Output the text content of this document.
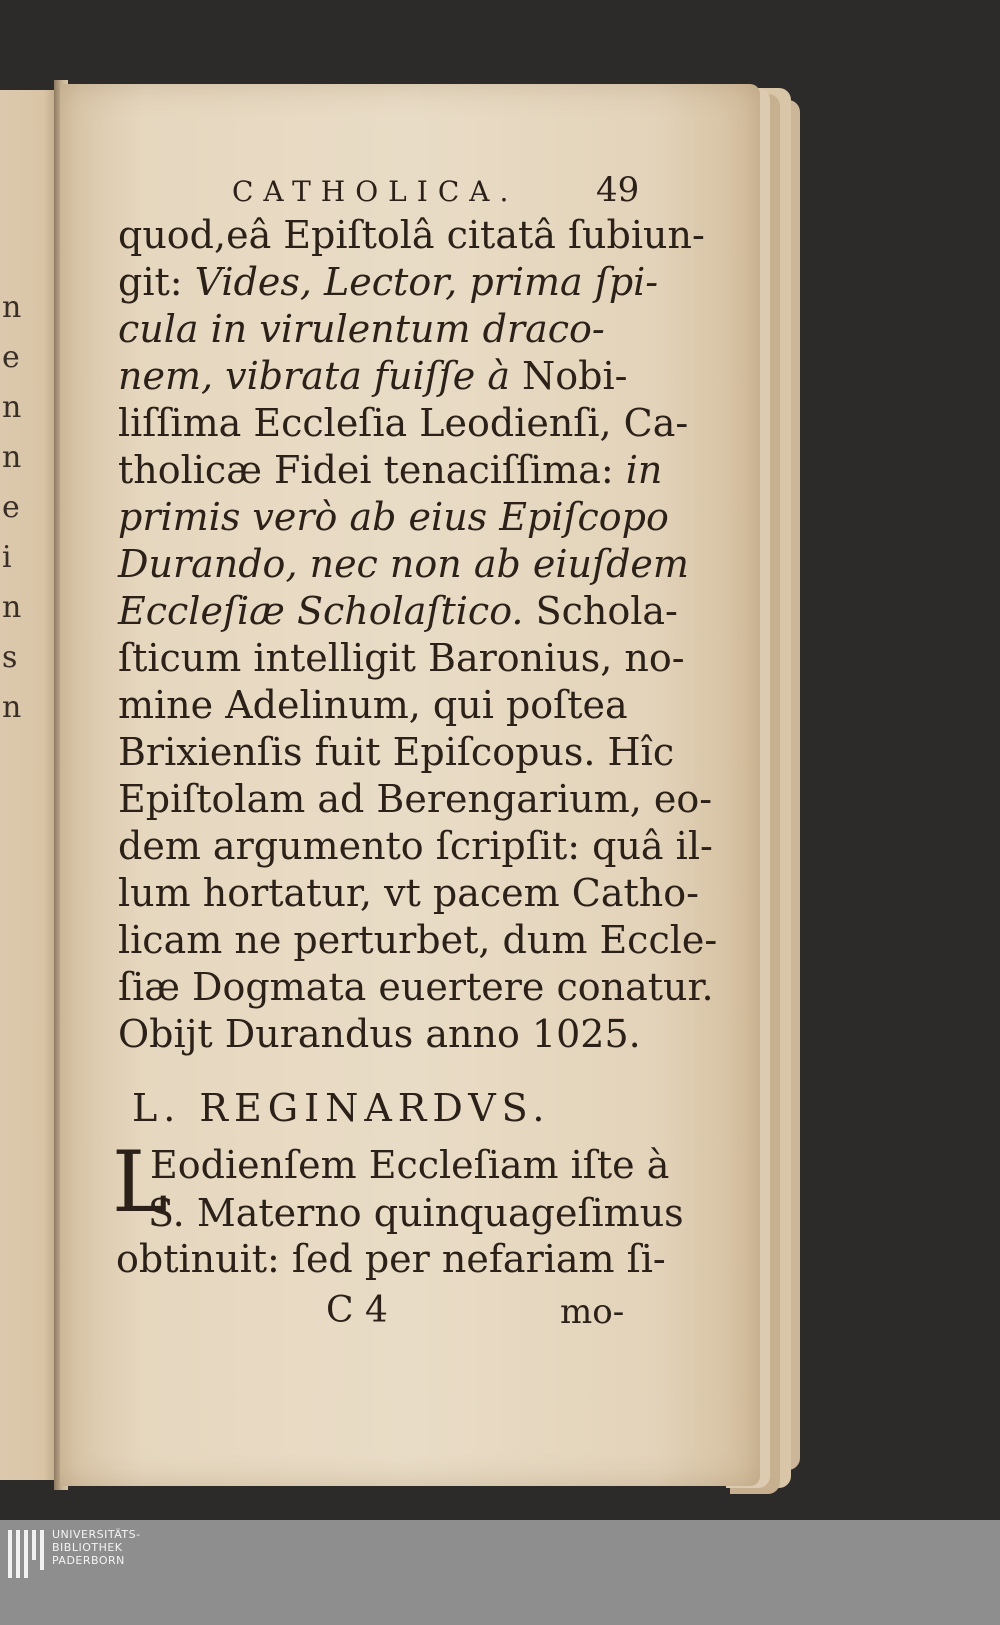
n
e
n
n
e
i
n
s
n
CATHOLICA. 49
quod,eâ Epiſtolâ citatâ ſubiun-
git: Vides, Lector, prima ſpi-
cula in virulentum draco-
nem, vibrata fuiſſe à Nobi-
liſſima Eccleſia Leodienſi, Ca-
tholicæ Fidei tenaciſſima: in
primis verò ab eius Epiſcopo
Durando, nec non ab eiuſdem
Eccleſiæ Scholaſtico. Schola-
ſticum intelligit Baronius, no-
mine Adelinum, qui poſtea
Brixienſis fuit Epiſcopus. Hîc
Epiſtolam ad Berengarium, eo-
dem argumento ſcripſit: quâ il-
lum hortatur, vt pacem Catho-
licam ne perturbet, dum Eccle-
ſiæ Dogmata euertere conatur.
Obijt Durandus anno 1025.
L. REGINARDVS.
L
Eodienſem Eccleſiam iſte à
S. Materno quinquageſimus
obtinuit: ſed per nefariam ſi-
C 4	mo-
UNIVERSITÄTS-
BIBLIOTHEK
PADERBORN
